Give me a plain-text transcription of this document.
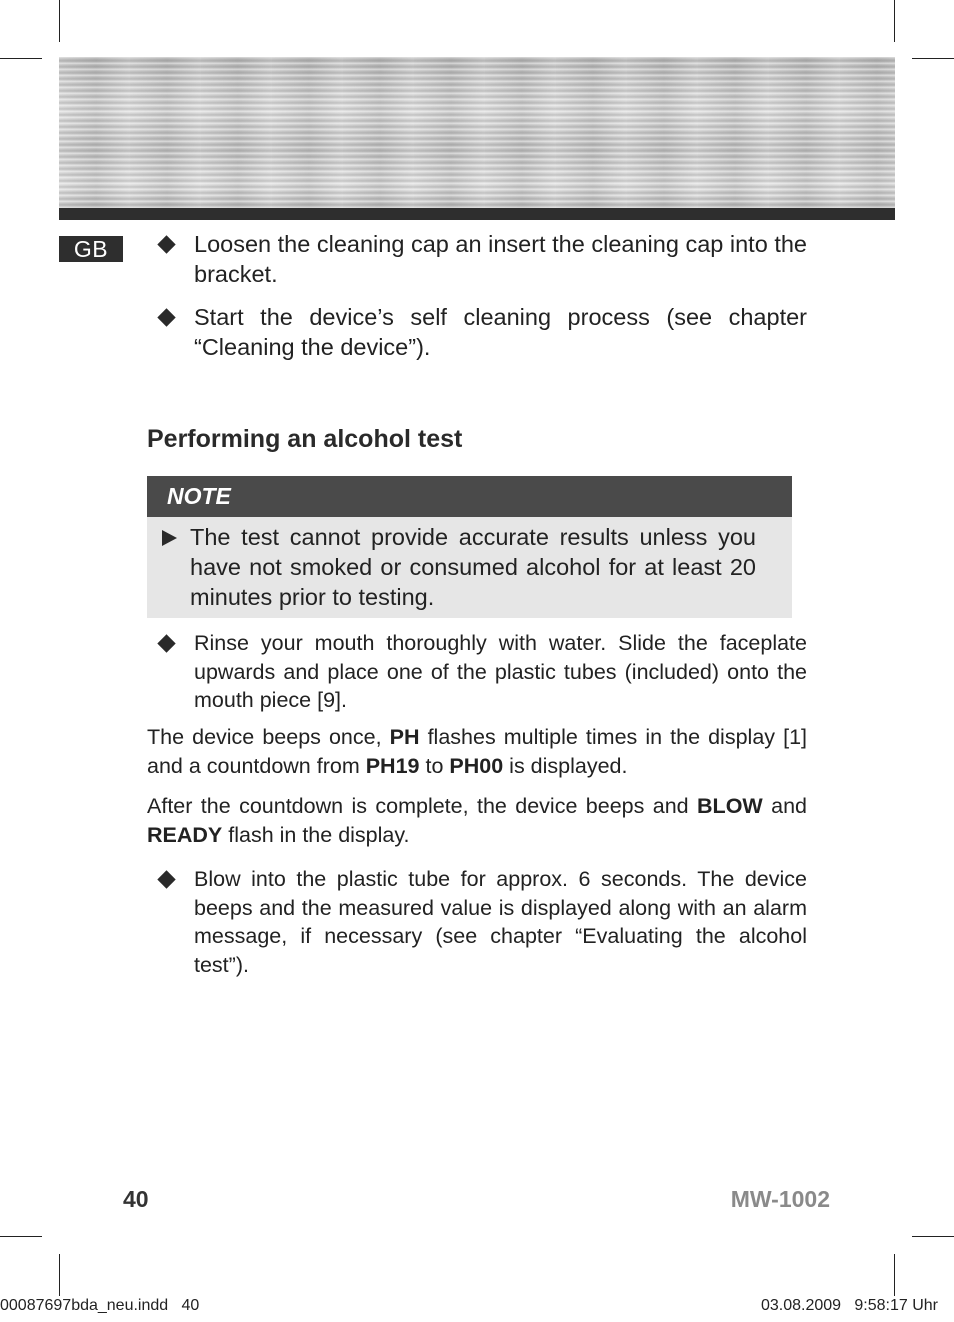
GB	Loosen the cleaning cap an insert the cleaning cap into the bracket.
Start the device’s self cleaning process (see chapter “Cleaning the device”).
Performing an alcohol test
NOTE
The test cannot provide accurate results unless you have not smoked or consumed alcohol for at least 20 minutes prior to testing.
Rinse your mouth thoroughly with water. Slide the faceplate upwards and place one of the plastic tubes (included) onto the mouth piece [9].
The device beeps once, PH flashes multiple times in the display [1] and a countdown from PH19 to PH00 is displayed.
After the countdown is complete, the device beeps and BLOW and READY flash in the display.
Blow into the plastic tube for approx. 6 seconds. The device beeps and the measured value is displayed along with an alarm message, if necessary (see chapter “Evaluating the alcohol test”).
40	MW-1002
00087697bda_neu.indd   40	03.08.2009   9:58:17 Uhr
